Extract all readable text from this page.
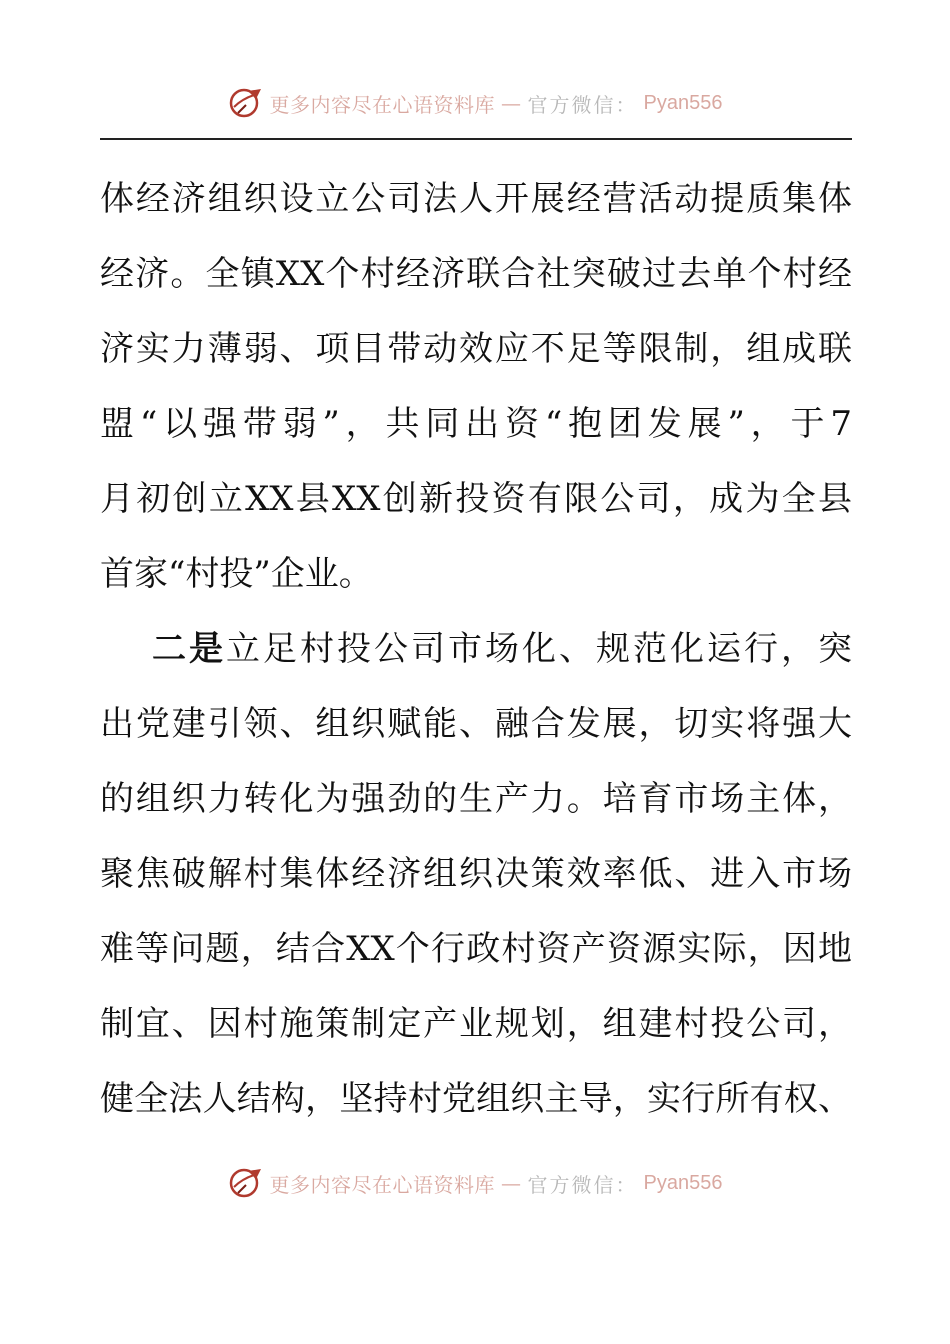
更多内容尽在心语资料库 — 官方微信： Pyan556
体经济组织设立公司法人开展经营活动提质集体
经济。全镇XX个村经济联合社突破过去单个村经
济实力薄弱、项目带动效应不足等限制，组成联
盟“以强带弱”，共同出资“抱团发展”，于7
月初创立XX县XX创新投资有限公司，成为全县
首家“村投”企业。
二是立足村投公司市场化、规范化运行，突
出党建引领、组织赋能、融合发展，切实将强大
的组织力转化为强劲的生产力。培育市场主体，
聚焦破解村集体经济组织决策效率低、进入市场
难等问题，结合XX个行政村资产资源实际，因地
制宜、因村施策制定产业规划，组建村投公司，
健全法人结构，坚持村党组织主导，实行所有权、
更多内容尽在心语资料库 — 官方微信： Pyan556
